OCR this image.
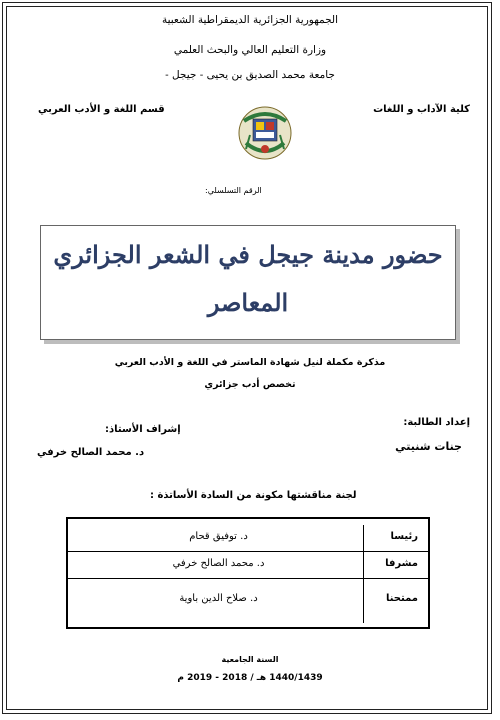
الجمهورية الجزائرية الديمقراطية الشعبية
وزارة التعليم العالي والبحث العلمي
جامعة محمد الصديق بن يحيى - جيجل -
قسم اللغة و الأدب العربي	كلية الآداب و اللغات
الرقم التسلسلي:
حضور مدينة جيجل في الشعر الجزائري
المعاصر
مذكرة مكملة لنيل شهادة الماستر في اللغة و الأدب العربي
تخصص أدب جزائري
إعداد الطالبة:
جنات شنيتي
إشراف الأستاذ:
د. محمد الصالح خرفي
لجنة مناقشتها مكونة من السادة الأساتذة :
د. توفيق قحام	رئيسا
د. محمد الصالح خرفي	مشرفا
د. صلاح الدين باوية	ممتحنا
السنة الجامعية
1440/1439 هـ / 2018 - 2019 م
